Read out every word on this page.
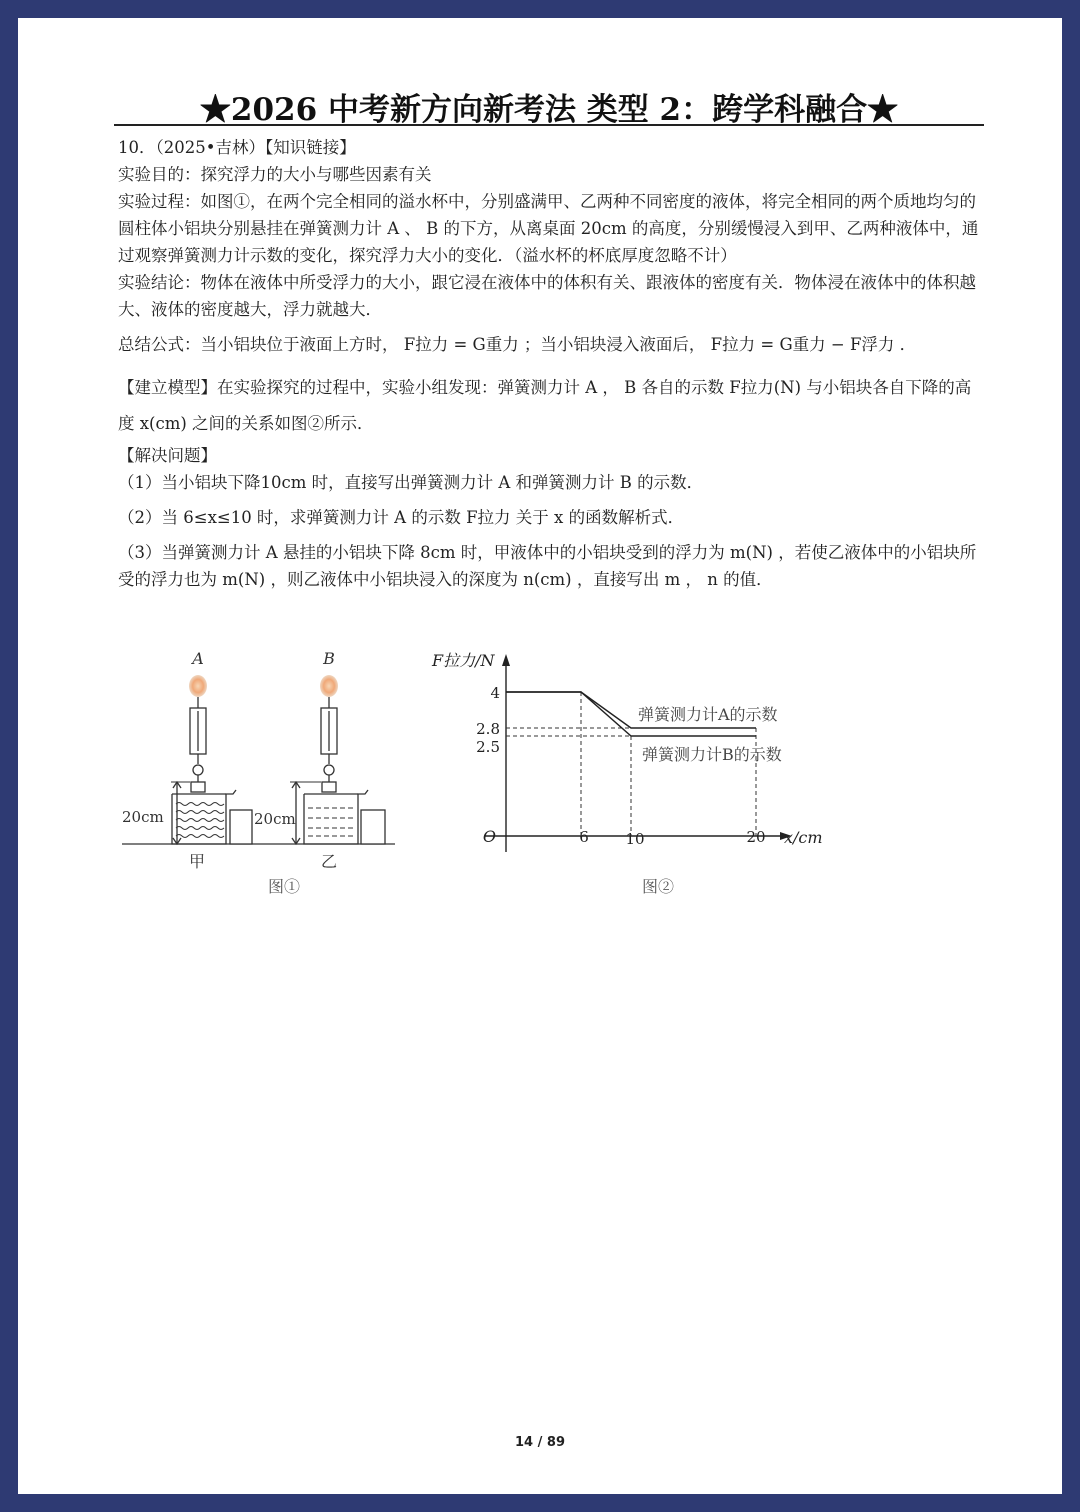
★2026 中考新方向新考法 类型 2：跨学科融合★

10．（2025•吉林）【知识链接】

实验目的：探究浮力的大小与哪些因素有关

实验过程：如图①，在两个完全相同的溢水杯中，分别盛满甲、乙两种不同密度的液体，将完全相同的两个质地均匀的圆柱体小铝块分别悬挂在弹簧测力计 A 、 B 的下方，从离桌面 20cm 的高度，分别缓慢浸入到甲、乙两种液体中，通过观察弹簧测力计示数的变化，探究浮力大小的变化．（溢水杯的杯底厚度忽略不计）

实验结论：物体在液体中所受浮力的大小，跟它浸在液体中的体积有关、跟液体的密度有关．物体浸在液体中的体积越大、液体的密度越大，浮力就越大．

总结公式：当小铝块位于液面上方时， F拉力 = G重力 ；当小铝块浸入液面后， F拉力 = G重力 − F浮力 ．

【建立模型】在实验探究的过程中，实验小组发现：弹簧测力计 A ， B 各自的示数 F拉力(N) 与小铝块各自下降的高度 x(cm) 之间的关系如图②所示．

【解决问题】

（1）当小铝块下降10cm 时，直接写出弹簧测力计 A 和弹簧测力计 B 的示数．

（2）当 6≤x≤10 时，求弹簧测力计 A 的示数 F拉力 关于 x 的函数解析式．

（3）当弹簧测力计 A 悬挂的小铝块下降 8cm 时，甲液体中的小铝块受到的浮力为 m(N) ，若使乙液体中的小铝块所受的浮力也为 m(N) ，则乙液体中小铝块浸入的深度为 n(cm) ，直接写出 m ， n 的值．

A
20cm
甲
B
20cm
乙
图①
F拉力/N
O	x/cm
4
2.8
2.5
6 10	20
弹簧测力计A的示数
弹簧测力计B的示数
图②
14 / 89
